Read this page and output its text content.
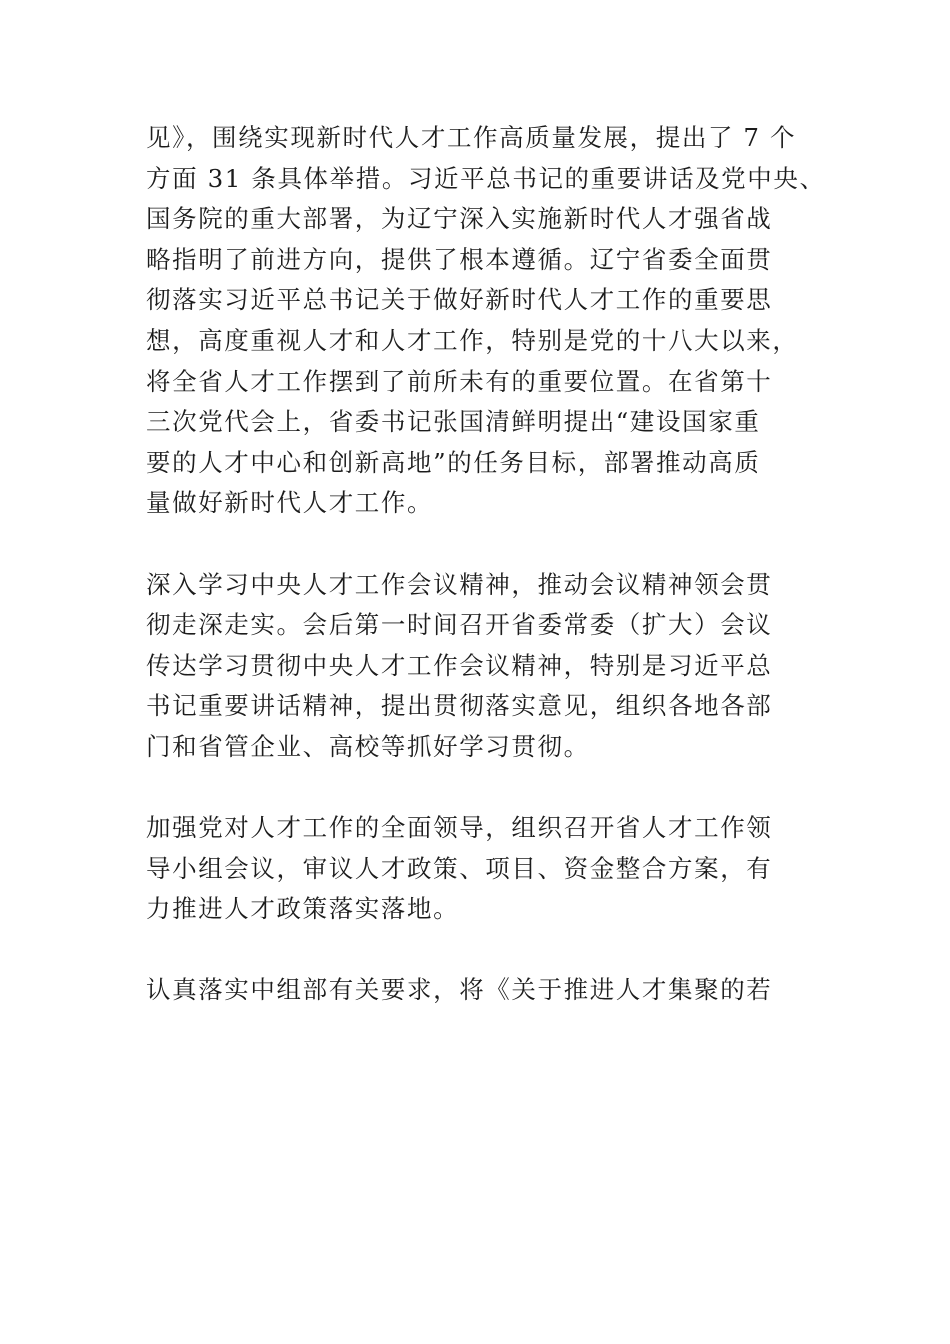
见》，围绕实现新时代人才工作高质量发展，提出了 7 个
方面 31 条具体举措。习近平总书记的重要讲话及党中央、
国务院的重大部署，为辽宁深入实施新时代人才强省战
略指明了前进方向，提供了根本遵循。辽宁省委全面贯
彻落实习近平总书记关于做好新时代人才工作的重要思
想，高度重视人才和人才工作，特别是党的十八大以来，
将全省人才工作摆到了前所未有的重要位置。在省第十
三次党代会上，省委书记张国清鲜明提出“建设国家重
要的人才中心和创新高地”的任务目标，部署推动高质
量做好新时代人才工作。
深入学习中央人才工作会议精神，推动会议精神领会贯
彻走深走实。会后第一时间召开省委常委（扩大）会议
传达学习贯彻中央人才工作会议精神，特别是习近平总
书记重要讲话精神，提出贯彻落实意见，组织各地各部
门和省管企业、高校等抓好学习贯彻。
加强党对人才工作的全面领导，组织召开省人才工作领
导小组会议，审议人才政策、项目、资金整合方案，有
力推进人才政策落实落地。
认真落实中组部有关要求，将《关于推进人才集聚的若
